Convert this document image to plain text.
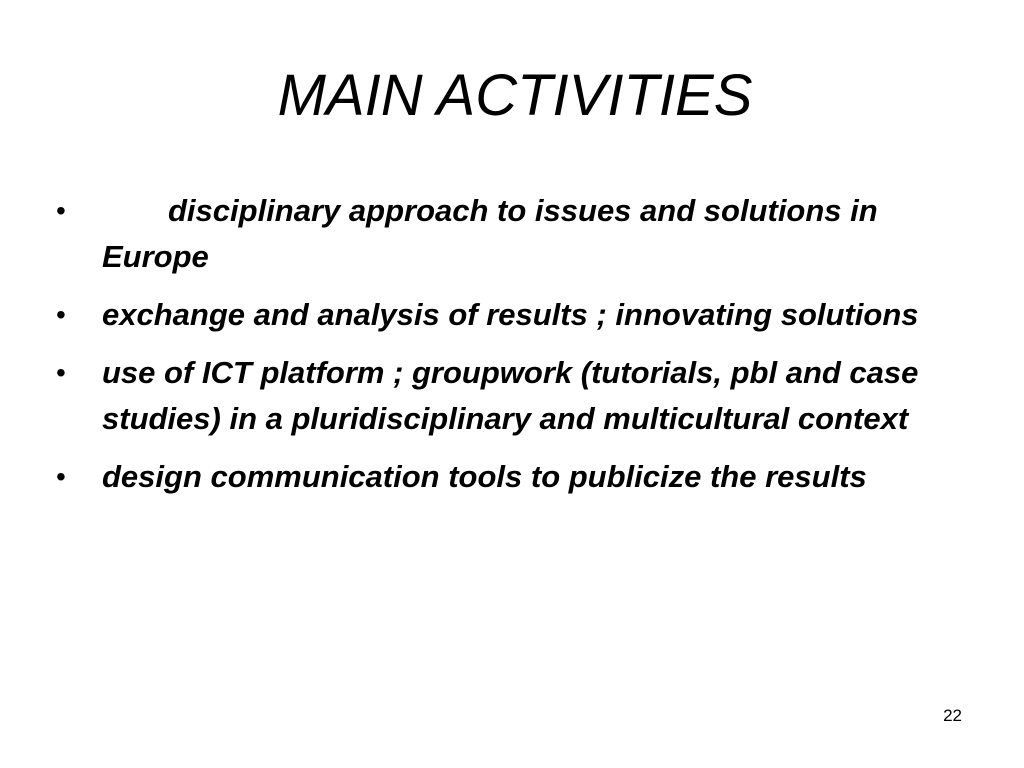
MAIN ACTIVITIES
•	disciplinary approach to issues and solutions in Europe
• exchange and analysis of results ; innovating solutions
• use of ICT platform ; groupwork (tutorials, pbl and case studies) in a pluridisciplinary and multicultural context
• design communication tools to publicize the results
22
